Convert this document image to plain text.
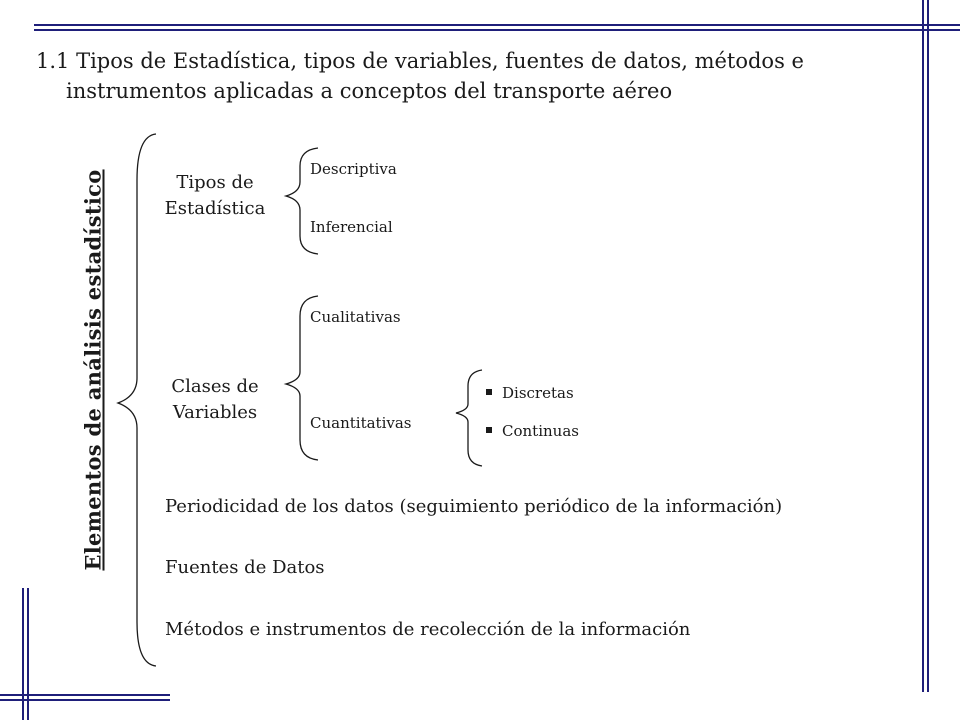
1.1 Tipos de Estadística, tipos de variables, fuentes de datos, métodos e instrumentos aplicadas a conceptos del transporte aéreo
Elementos de análisis estadístico	Tipos de Estadística
Clases de Variables
Descriptiva
Inferencial
Cualitativas
Cuantitativas
Discretas
Continuas
Periodicidad de los datos (seguimiento periódico de la información)
Fuentes de Datos
Métodos e instrumentos de recolección de la información
